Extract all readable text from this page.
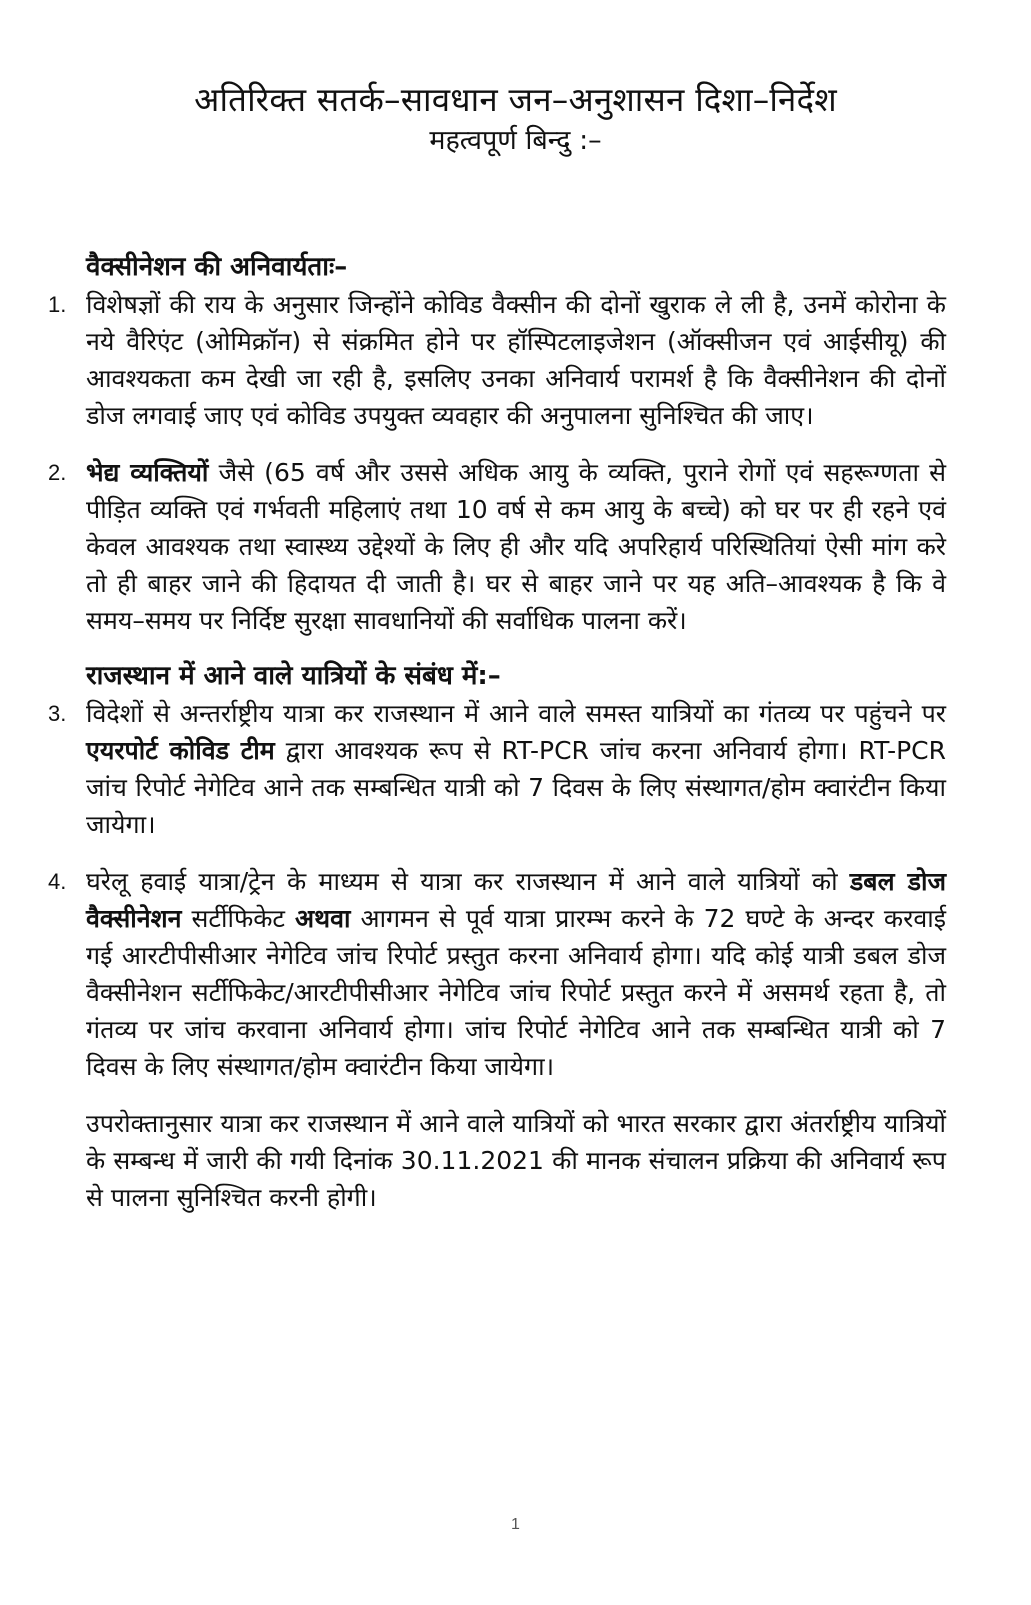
अतिरिक्त सतर्क–सावधान जन–अनुशासन दिशा–निर्देश

महत्वपूर्ण बिन्दु :–

वैक्सीनेशन की अनिवार्यताः–

1. विशेषज्ञों की राय के अनुसार जिन्होंने कोविड वैक्सीन की दोनों खुराक ले ली है, उनमें कोरोना के नये वैरिएंट (ओमिक्रॉन) से संक्रमित होने पर हॉस्पिटलाइजेशन (ऑक्सीजन एवं आईसीयू) की आवश्यकता कम देखी जा रही है, इसलिए उनका अनिवार्य परामर्श है कि वैक्सीनेशन की दोनों डोज लगवाई जाए एवं कोविड उपयुक्त व्यवहार की अनुपालना सुनिश्चित की जाए।

2. भेद्य व्यक्तियों जैसे (65 वर्ष और उससे अधिक आयु के व्यक्ति, पुराने रोगों एवं सहरूग्णता से पीड़ित व्यक्ति एवं गर्भवती महिलाएं तथा 10 वर्ष से कम आयु के बच्चे) को घर पर ही रहने एवं केवल आवश्यक तथा स्वास्थ्य उद्देश्यों के लिए ही और यदि अपरिहार्य परिस्थितियां ऐसी मांग करे तो ही बाहर जाने की हिदायत दी जाती है। घर से बाहर जाने पर यह अति–आवश्यक है कि वे समय–समय पर निर्दिष्ट सुरक्षा सावधानियों की सर्वाधिक पालना करें।

राजस्थान में आने वाले यात्रियों के संबंध में:–

3. विदेशों से अन्तर्राष्ट्रीय यात्रा कर राजस्थान में आने वाले समस्त यात्रियों का गंतव्य पर पहुंचने पर एयरपोर्ट कोविड टीम द्वारा आवश्यक रूप से RT-PCR जांच करना अनिवार्य होगा। RT-PCR जांच रिपोर्ट नेगेटिव आने तक सम्बन्धित यात्री को 7 दिवस के लिए संस्थागत/होम क्वारंटीन किया जायेगा।

4. घरेलू हवाई यात्रा/ट्रेन के माध्यम से यात्रा कर राजस्थान में आने वाले यात्रियों को डबल डोज वैक्सीनेशन सर्टीफिकेट अथवा आगमन से पूर्व यात्रा प्रारम्भ करने के 72 घण्टे के अन्दर करवाई गई आरटीपीसीआर नेगेटिव जांच रिपोर्ट प्रस्तुत करना अनिवार्य होगा। यदि कोई यात्री डबल डोज वैक्सीनेशन सर्टीफिकेट/आरटीपीसीआर नेगेटिव जांच रिपोर्ट प्रस्तुत करने में असमर्थ रहता है, तो गंतव्य पर जांच करवाना अनिवार्य होगा। जांच रिपोर्ट नेगेटिव आने तक सम्बन्धित यात्री को 7 दिवस के लिए संस्थागत/होम क्वारंटीन किया जायेगा।

उपरोक्तानुसार यात्रा कर राजस्थान में आने वाले यात्रियों को भारत सरकार द्वारा अंतर्राष्ट्रीय यात्रियों के सम्बन्ध में जारी की गयी दिनांक 30.11.2021 की मानक संचालन प्रक्रिया की अनिवार्य रूप से पालना सुनिश्चित करनी होगी।

1
